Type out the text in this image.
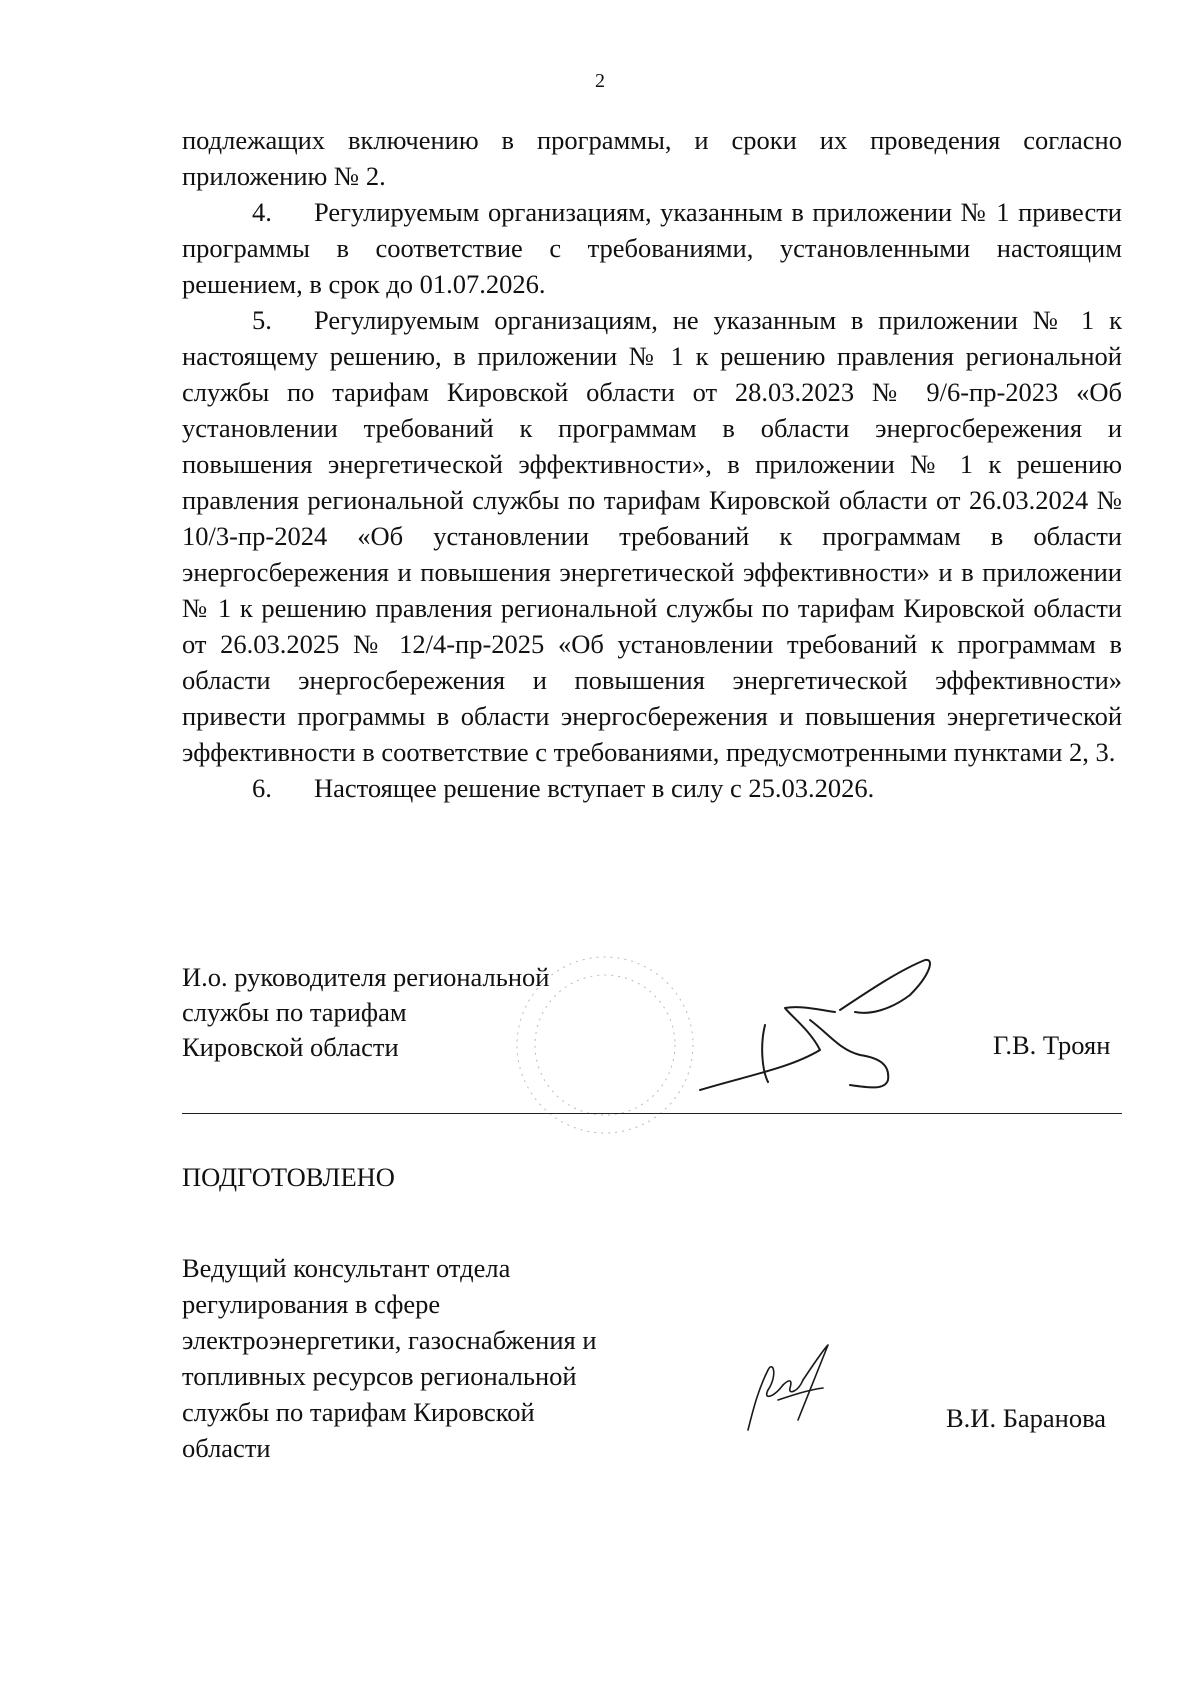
2

подлежащих включению в программы, и сроки их проведения согласно приложению № 2.

4. Регулируемым организациям, указанным в приложении № 1 привести программы в соответствие с требованиями, установленными настоящим решением, в срок до 01.07.2026.

5. Регулируемым организациям, не указанным в приложении № 1 к настоящему решению, в приложении № 1 к решению правления региональной службы по тарифам Кировской области от 28.03.2023 № 9/6-пр-2023 «Об установлении требований к программам в области энергосбережения и повышения энергетической эффективности», в приложении № 1 к решению правления региональной службы по тарифам Кировской области от 26.03.2024 № 10/3-пр-2024 «Об установлении требований к программам в области энергосбережения и повышения энергетической эффективности» и в приложении № 1 к решению правления региональной службы по тарифам Кировской области от 26.03.2025 № 12/4-пр-2025 «Об установлении требований к программам в области энергосбережения и повышения энергетической эффективности» привести программы в области энергосбережения и повышения энергетической эффективности в соответствие с требованиями, предусмотренными пунктами 2, 3.

6. Настоящее решение вступает в силу с 25.03.2026.

И.о. руководителя региональной
службы по тарифам
Кировской области	Г.В. Троян
ПОДГОТОВЛЕНО
Ведущий консультант отдела
регулирования в сфере
электроэнергетики, газоснабжения и
топливных ресурсов региональной
службы по тарифам Кировской
области
В.И. Баранова
